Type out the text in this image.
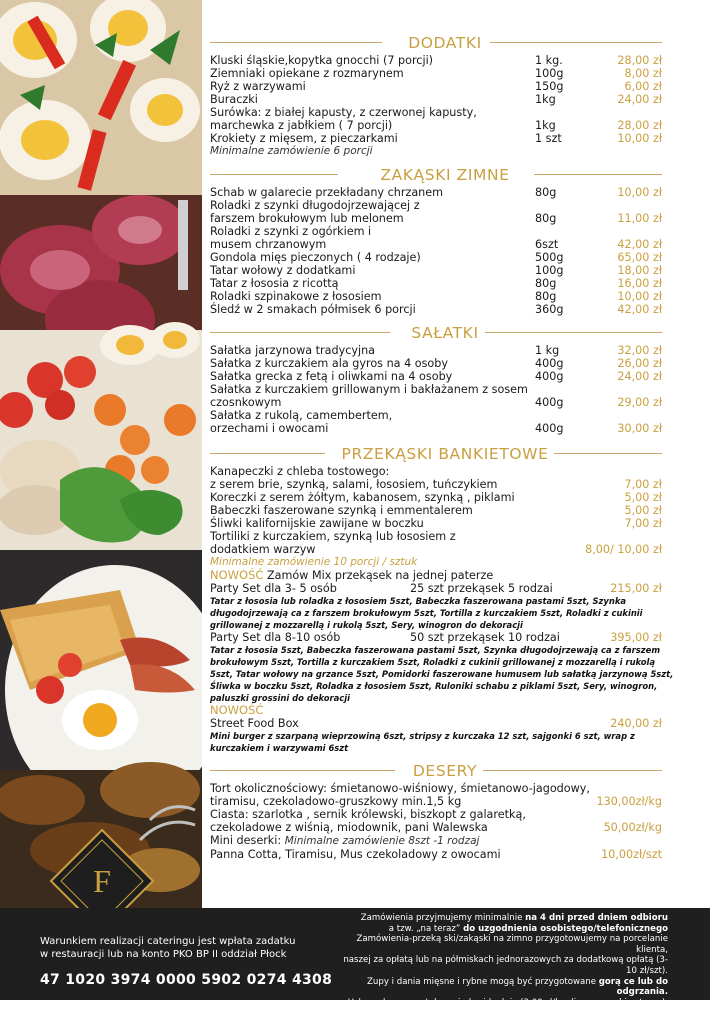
F
DODATKI
Kluski śląskie,kopytka gnocchi (7 porcji)	1 kg.	28,00 zł
Ziemniaki opiekane z rozmarynem	100g	8,00 zł
Ryż z warzywami	150g	6,00 zł
Buraczki	1kg	24,00 zł
Surówka: z białej kapusty, z czerwonej kapusty, marchewka z jabłkiem ( 7 porcji)	1kg	28,00 zł
Krokiety z mięsem, z pieczarkami	1 szt	10,00 zł
Minimalne zamówienie 6 porcji
ZAKĄSKI ZIMNE
Schab w galarecie przekładany chrzanem	80g	10,00 zł
Roladki z szynki długodojrzewającej z farszem brokułowym lub melonem	80g	11,00 zł
Roladki z szynki z ogórkiem i musem chrzanowym	6szt	42,00 zł
Gondola mięs pieczonych ( 4 rodzaje)	500g	65,00 zł
Tatar wołowy z dodatkami	100g	18,00 zł
Tatar z łososia z ricottą	80g	16,00 zł
Roladki szpinakowe z łososiem	80g	10,00 zł
Śledź w 2 smakach półmisek 6 porcji	360g	42,00 zł
SAŁATKI
Sałatka jarzynowa tradycyjna	1 kg	32,00 zł
Sałatka z kurczakiem ala gyros na 4 osoby	400g	26,00 zł
Sałatka grecka z fetą i oliwkami na 4 osoby	400g	24,00 zł
Sałatka z kurczakiem grillowanym i bakłażanem z sosem czosnkowym	400g	29,00 zł
Sałatka z rukolą, camembertem, orzechami i owocami	400g	30,00 zł
PRZEKĄSKI BANKIETOWE
Kanapeczki z chleba tostowego:
z serem brie, szynką, salami, łososiem, tuńczykiem	7,00 zł
Koreczki z serem żółtym, kabanosem, szynką , piklami	5,00 zł
Babeczki faszerowane szynką i emmentalerem	5,00 zł
Śliwki kalifornijskie zawijane w boczku	7,00 zł
Tortiliki z kurczakiem, szynką lub łososiem z dodatkiem warzyw	8,00/ 10,00 zł
Minimalne zamówienie 10 porcji / sztuk
NOWOŚĆ Zamów Mix przekąsek na jednej paterze
Party Set dla 3- 5 osób	25 szt przekąsek 5 rodzai	215,00 zł
Tatar z łososia lub roladka z łososiem 5szt, Babeczka faszerowana pastami 5szt, Szynka długodojrzewają ca z farszem brokułowym 5szt, Tortilla z kurczakiem 5szt, Roladki z cukinii grillowanej z mozzarellą i rukolą 5szt, Sery, winogron do dekoracji
Party Set dla 8-10 osób	50 szt przekąsek 10 rodzai	395,00 zł
Tatar z łososia 5szt, Babeczka faszerowana pastami 5szt, Szynka długodojrzewają ca z farszem brokułowym 5szt, Tortilla z kurczakiem 5szt, Roladki z cukinii grillowanej z mozzarellą i rukolą 5szt, Tatar wołowy na grzance 5szt, Pomidorki faszerowane humusem lub sałatką jarzynową 5szt, Śliwka w boczku 5szt, Roladka z łososiem 5szt, Ruloniki schabu z piklami 5szt, Sery, winogron, paluszki grossini do dekoracji
NOWOŚĆ
Street Food Box	240,00 zł
Mini burger z szarpaną wieprzowiną 6szt, stripsy z kurczaka 12 szt, sajgonki 6 szt, wrap z kurczakiem i warzywami 6szt
DESERY
Tort okolicznościowy: śmietanowo-wiśniowy, śmietanowo-jagodowy, tiramisu, czekoladowo-gruszkowy min.1,5 kg	130,00zł/kg
Ciasta: szarlotka , sernik królewski, biszkopt z galaretką, czekoladowe z wiśnią, miodownik, pani Walewska	50,00zł/kg
Mini deserki: Minimalne zamówienie 8szt -1 rodzaj
Panna Cotta, Tiramisu, Mus czekoladowy z owocami	10,00zł/szt
Warunkiem realizacji cateringu jest wpłata zadatku
w restauracji lub na konto PKO BP II oddział Płock
47 1020 3974 0000 5902 0274 4308
Zamówienia przyjmujemy minimalnie na 4 dni przed dniem odbioru
a tzw. „na teraz” do uzgodnienia osobistego/telefonicznego
Zamówienia-przeką ski/zakąski na zimno przygotowujemy na porcelanie klienta,
naszej za opłatą lub na półmiskach jednorazowych za dodatkową opłatą (3-10 zł/szt).
Zupy i dania mięsne i rybne mogą być przygotowane gorą ce lub do odgrzania.
Usługę dowozu ustalamy indywidualnie (3,00 zł/km liczone w obie strony). Minimum 25 zł.
Podane ceny są cenami netto.
